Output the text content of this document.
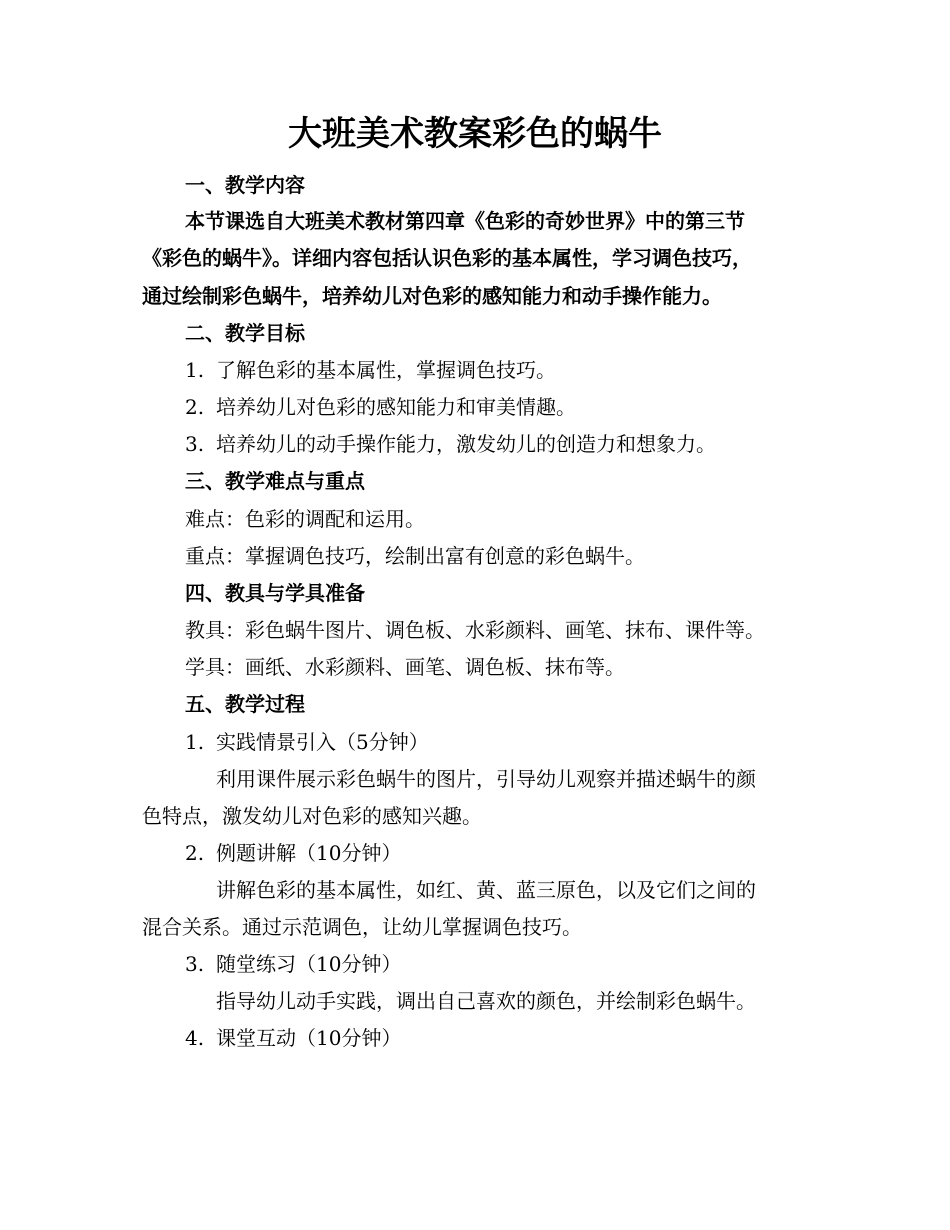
大班美术教案彩色的蜗牛
一、教学内容
本节课选自大班美术教材第四章《色彩的奇妙世界》中的第三节
《彩色的蜗牛》。详细内容包括认识色彩的基本属性，学习调色技巧，
通过绘制彩色蜗牛，培养幼儿对色彩的感知能力和动手操作能力。
二、教学目标
1. 了解色彩的基本属性，掌握调色技巧。
2. 培养幼儿对色彩的感知能力和审美情趣。
3. 培养幼儿的动手操作能力，激发幼儿的创造力和想象力。
三、教学难点与重点
难点：色彩的调配和运用。
重点：掌握调色技巧，绘制出富有创意的彩色蜗牛。
四、教具与学具准备
教具：彩色蜗牛图片、调色板、水彩颜料、画笔、抹布、课件等。
学具：画纸、水彩颜料、画笔、调色板、抹布等。
五、教学过程
1. 实践情景引入（5分钟）
利用课件展示彩色蜗牛的图片，引导幼儿观察并描述蜗牛的颜
色特点，激发幼儿对色彩的感知兴趣。
2. 例题讲解（10分钟）
讲解色彩的基本属性，如红、黄、蓝三原色，以及它们之间的
混合关系。通过示范调色，让幼儿掌握调色技巧。
3. 随堂练习（10分钟）
指导幼儿动手实践，调出自己喜欢的颜色，并绘制彩色蜗牛。
4. 课堂互动（10分钟）
